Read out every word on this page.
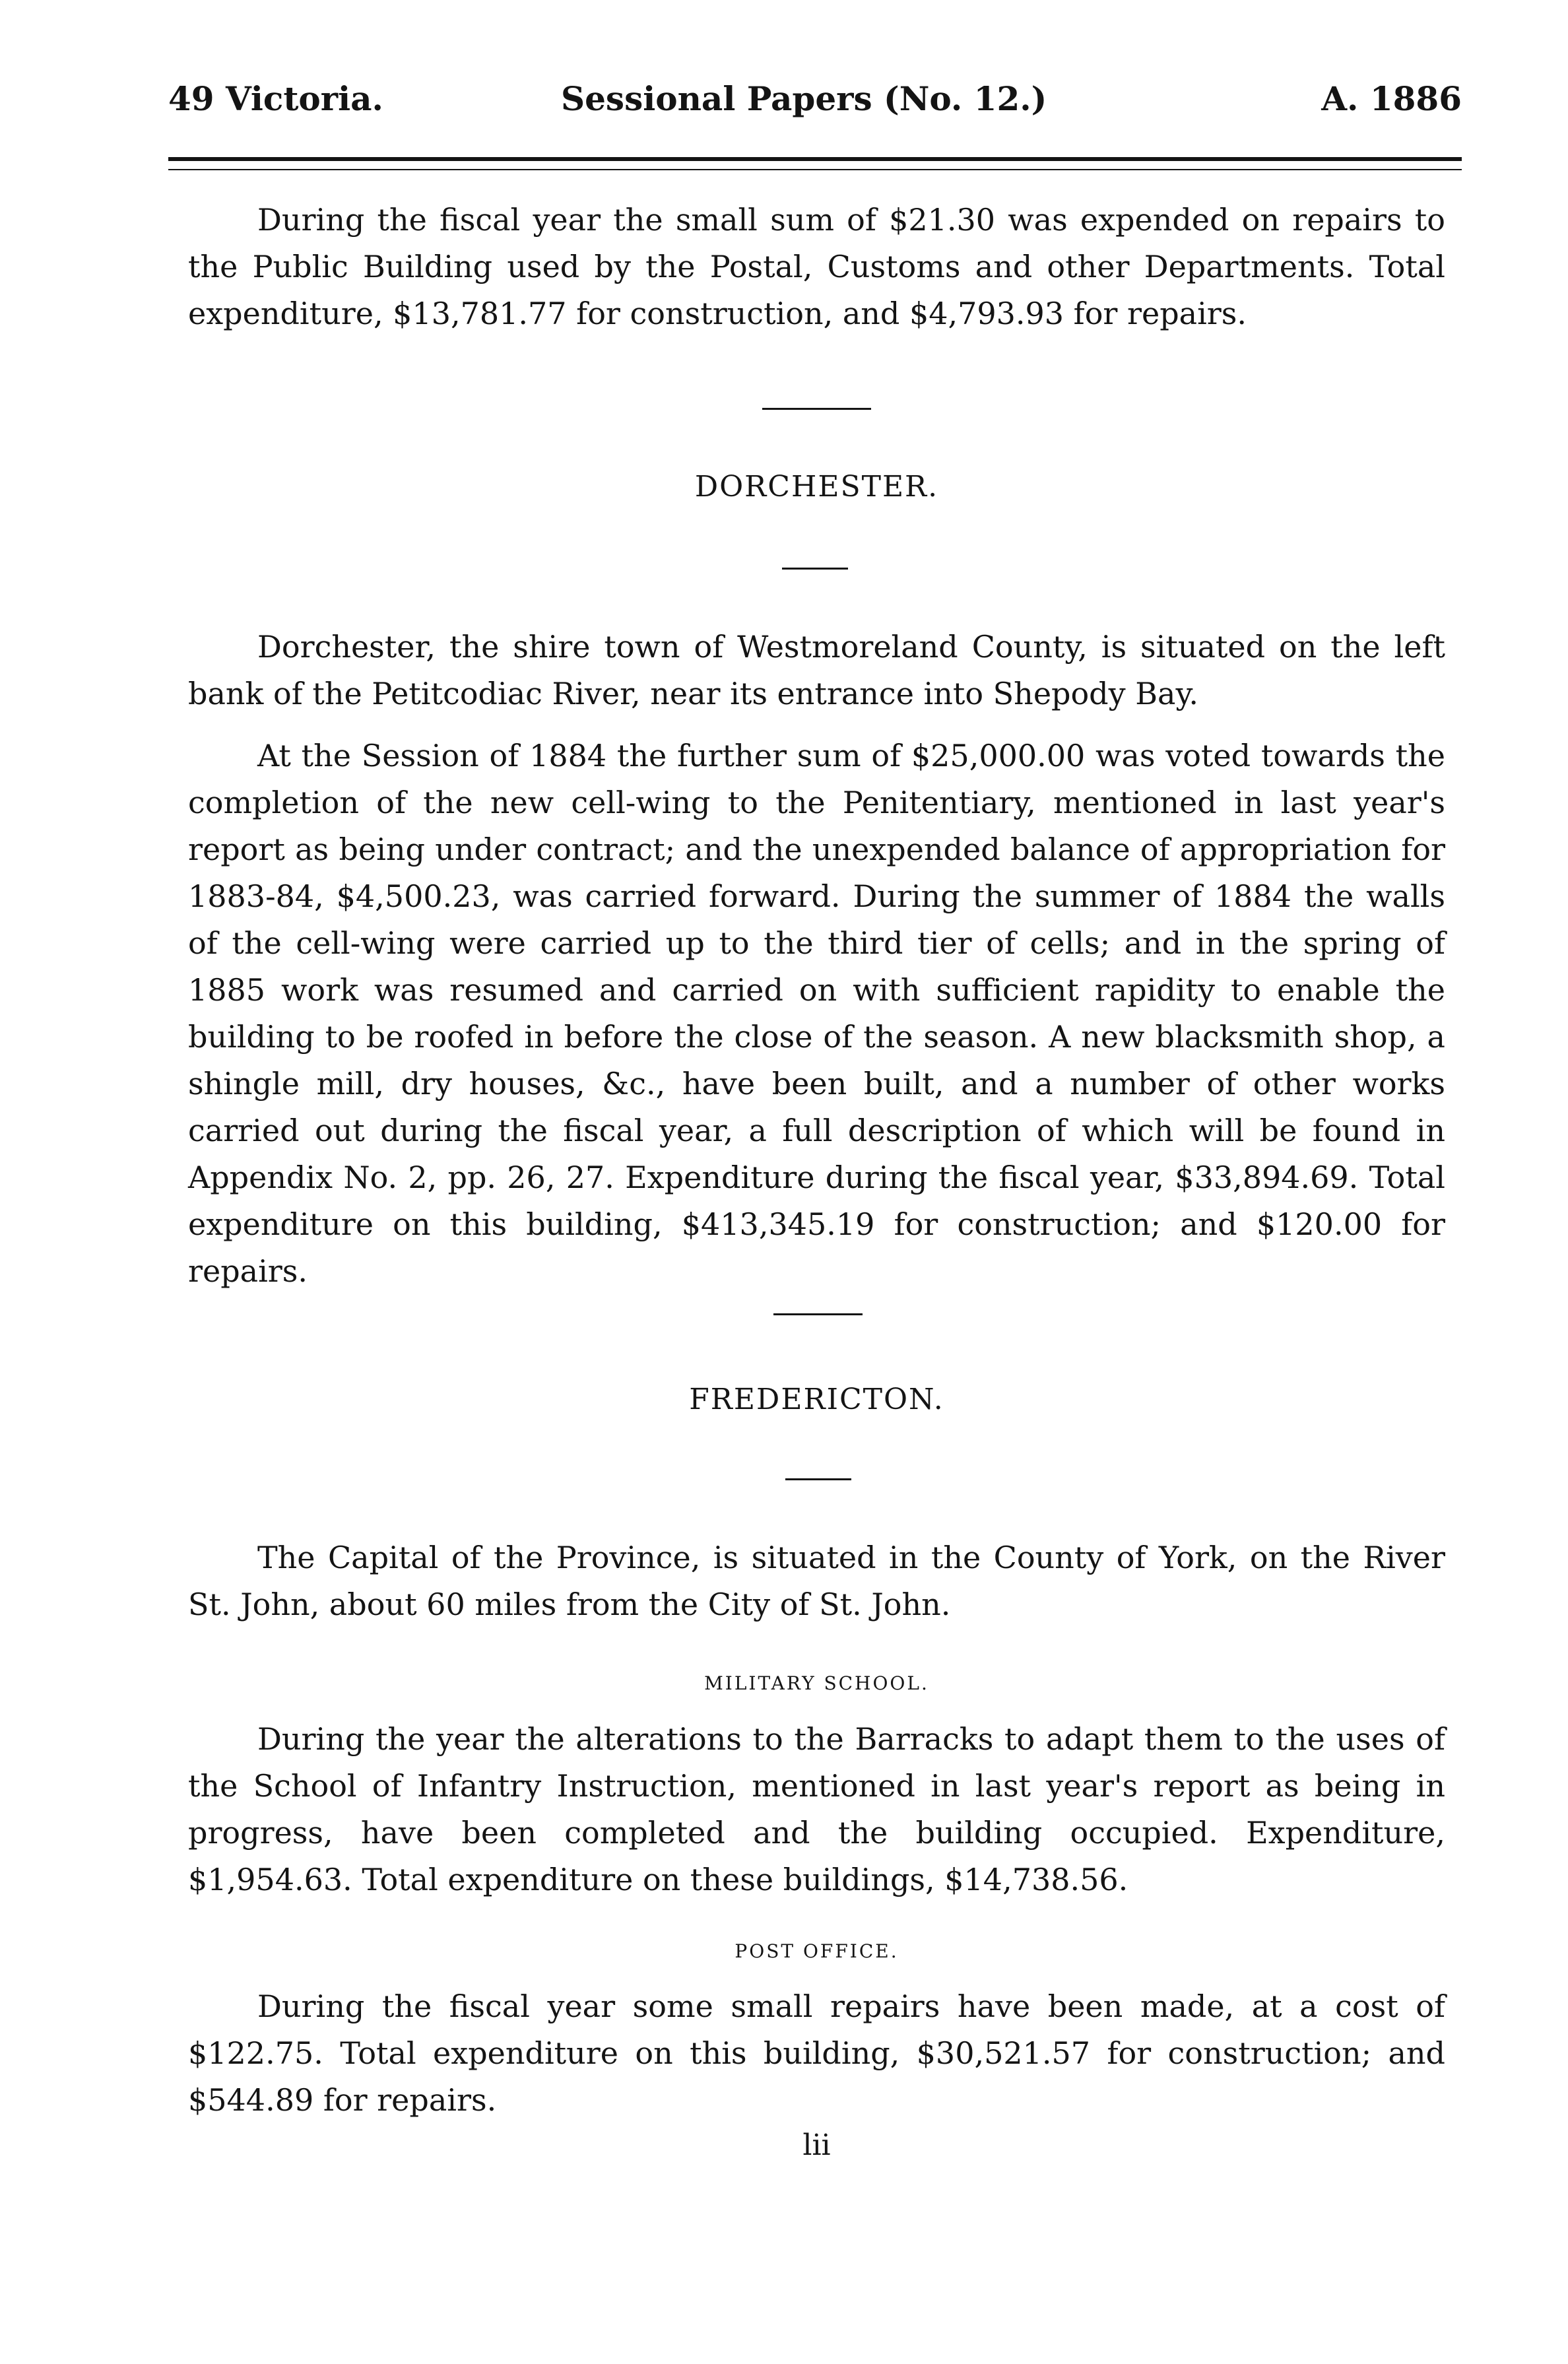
49 Victoria.	Sessional Papers (No. 12.)	A. 1886

During the fiscal year the small sum of $21.30 was expended on repairs to the Public Building used by the Postal, Customs and other Departments. Total expenditure, $13,781.77 for construction, and $4,793.93 for repairs.

DORCHESTER.

Dorchester, the shire town of Westmoreland County, is situated on the left bank of the Petitcodiac River, near its entrance into Shepody Bay.

At the Session of 1884 the further sum of $25,000.00 was voted towards the completion of the new cell-wing to the Penitentiary, mentioned in last year's report as being under contract; and the unexpended balance of appropriation for 1883-84, $4,500.23, was carried forward. During the summer of 1884 the walls of the cell-wing were carried up to the third tier of cells; and in the spring of 1885 work was resumed and carried on with sufficient rapidity to enable the building to be roofed in before the close of the season. A new blacksmith shop, a shingle mill, dry houses, &c., have been built, and a number of other works carried out during the fiscal year, a full description of which will be found in Appendix No. 2, pp. 26, 27. Expenditure during the fiscal year, $33,894.69. Total expenditure on this building, $413,345.19 for construction; and $120.00 for repairs.

FREDERICTON.

The Capital of the Province, is situated in the County of York, on the River St. John, about 60 miles from the City of St. John.

MILITARY SCHOOL.

During the year the alterations to the Barracks to adapt them to the uses of the School of Infantry Instruction, mentioned in last year's report as being in progress, have been completed and the building occupied. Expenditure, $1,954.63. Total expenditure on these buildings, $14,738.56.

POST OFFICE.

During the fiscal year some small repairs have been made, at a cost of $122.75. Total expenditure on this building, $30,521.57 for construction; and $544.89 for repairs.

lii
